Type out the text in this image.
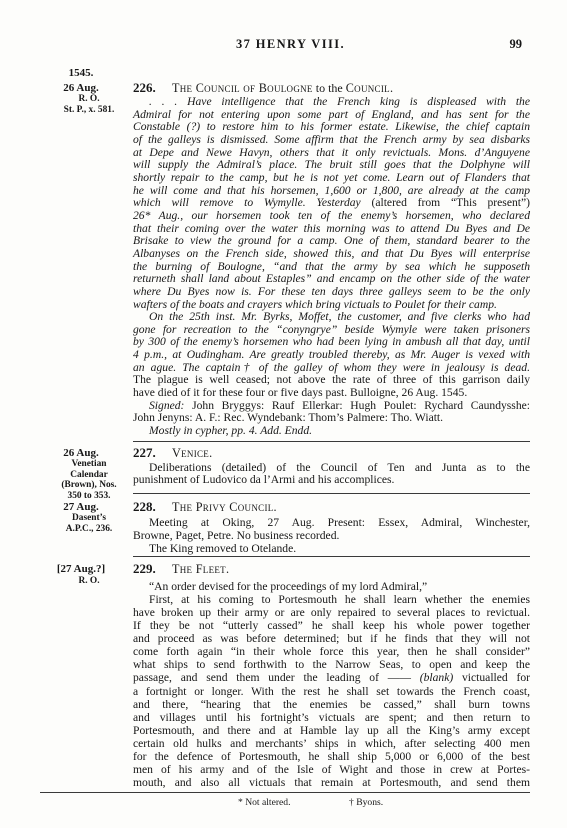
37 HENRY VIII.	99
1545.
26 Aug.
R. O.
St. P., x. 581.
226. The Council of Boulogne to the Council.
. . . Have intelligence that the French king is displeased with the
Admiral for not entering upon some part of England, and has sent for the
Constable (?) to restore him to his former estate. Likewise, the chief captain
of the galleys is dismissed. Some affirm that the French army by sea disbarks
at Depe and Newe Havyn, others that it only revictuals. Mons. d’Anguyene
will supply the Admiral’s place. The bruit still goes that the Dolphyne will
shortly repair to the camp, but he is not yet come. Learn out of Flanders that
he will come and that his horsemen, 1,600 or 1,800, are already at the camp
which will remove to Wymylle. Yesterday (altered from “This present”)
26* Aug., our horsemen took ten of the enemy’s horsemen, who declared
that their coming over the water this morning was to attend Du Byes and De
Brisake to view the ground for a camp. One of them, standard bearer to the
Albanyses on the French side, showed this, and that Du Byes will enterprise
the burning of Boulogne, “and that the army by sea which he supposeth
returneth shall land about Estaples” and encamp on the other side of the water
where Du Byes now is. For these ten days three galleys seem to be the only
wafters of the boats and crayers which bring victuals to Poulet for their camp.
On the 25th inst. Mr. Byrks, Moffet, the customer, and five clerks who had
gone for recreation to the “conyngrye” beside Wymyle were taken prisoners
by 300 of the enemy’s horsemen who had been lying in ambush all that day, until
4 p.m., at Oudingham. Are greatly troubled thereby, as Mr. Auger is vexed with
an ague. The captain† of the galley of whom they were in jealousy is dead.
The plague is well ceased; not above the rate of three of this garrison daily
have died of it for these four or five days past. Bulloigne, 26 Aug. 1545.
Signed: John Bryggys: Rauf Ellerkar: Hugh Poulet: Rychard Caundysshe:
John Jenyns: A. F.: Rec. Wyndebank: Thom’s Palmere: Tho. Wiatt.
Mostly in cypher, pp. 4. Add. Endd.
26 Aug.
Venetian
Calendar
(Brown), Nos.
350 to 353.
227. Venice.
Deliberations (detailed) of the Council of Ten and Junta as to the
punishment of Ludovico da l’Armi and his accomplices.
27 Aug.
Dasent’s
A.P.C., 236.
228. The Privy Council.
Meeting at Oking, 27 Aug. Present: Essex, Admiral, Winchester,
Browne, Paget, Petre. No business recorded.
The King removed to Otelande.
[27 Aug.?]
R. O.
229. The Fleet.
“An order devised for the proceedings of my lord Admiral,”
First, at his coming to Portesmouth he shall learn whether the enemies
have broken up their army or are only repaired to several places to revictual.
If they be not “utterly cassed” he shall keep his whole power together
and proceed as was before determined; but if he finds that they will not
come forth again “in their whole force this year, then he shall consider”
what ships to send forthwith to the Narrow Seas, to open and keep the
passage, and send them under the leading of —— (blank) victualled for
a fortnight or longer. With the rest he shall set towards the French coast,
and there, “hearing that the enemies be cassed,” shall burn towns
and villages until his fortnight’s victuals are spent; and then return to
Portesmouth, and there and at Hamble lay up all the King’s army except
certain old hulks and merchants’ ships in which, after selecting 400 men
for the defence of Portesmouth, he shall ship 5,000 or 6,000 of the best
men of his army and of the Isle of Wight and those in crew at Portes-
mouth, and also all victuals that remain at Portesmouth, and send them
* Not altered.	† Byons.
